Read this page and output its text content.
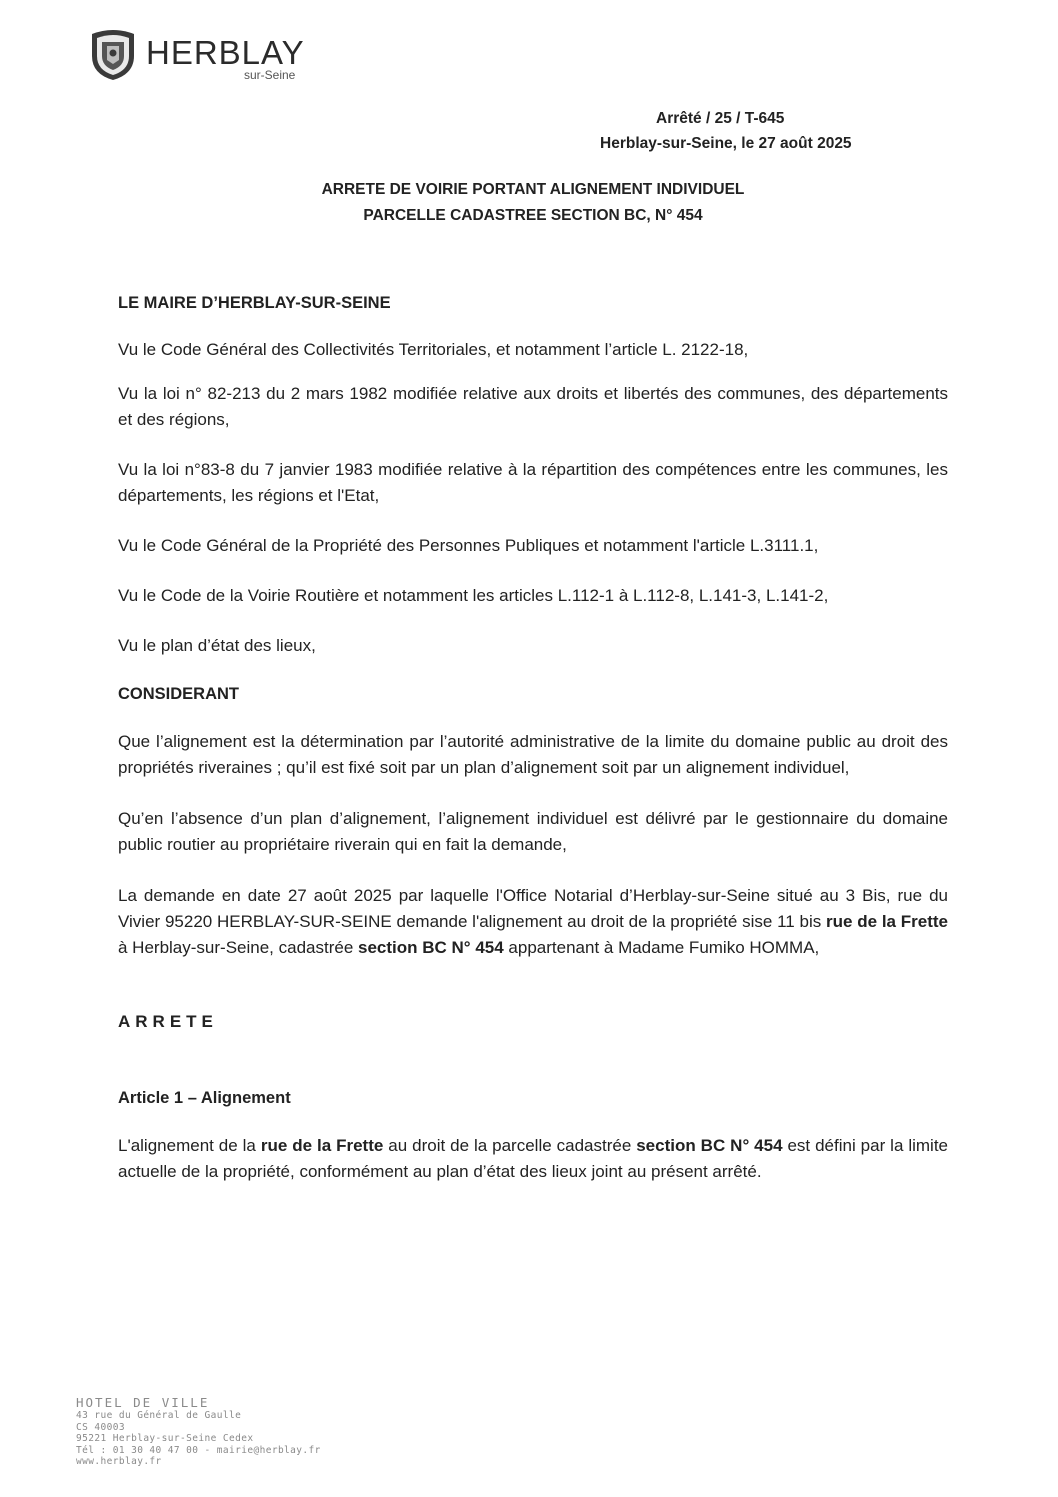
HERBLAY
sur-Seine
Arrêté / 25 / T-645
Herblay-sur-Seine, le 27 août 2025
ARRETE DE VOIRIE PORTANT ALIGNEMENT INDIVIDUEL
PARCELLE CADASTREE SECTION BC, N° 454
LE MAIRE D’HERBLAY-SUR-SEINE
Vu le Code Général des Collectivités Territoriales, et notamment l’article L. 2122-18,
Vu la loi n° 82-213 du 2 mars 1982 modifiée relative aux droits et libertés des communes, des départements et des régions,
Vu la loi n°83-8 du 7 janvier 1983 modifiée relative à la répartition des compétences entre les communes, les départements, les régions et l'Etat,
Vu le Code Général de la Propriété des Personnes Publiques et notamment l'article L.3111.1,
Vu le Code de la Voirie Routière et notamment les articles L.112-1 à L.112-8, L.141-3, L.141-2,
Vu le plan d’état des lieux,
CONSIDERANT
Que l’alignement est la détermination par l’autorité administrative de la limite du domaine public au droit des propriétés riveraines ; qu’il est fixé soit par un plan d’alignement soit par un alignement individuel,
Qu’en l’absence d’un plan d’alignement, l’alignement individuel est délivré par le gestionnaire du domaine public routier au propriétaire riverain qui en fait la demande,
La demande en date 27 août 2025 par laquelle l'Office Notarial d’Herblay-sur-Seine situé au 3 Bis, rue du Vivier 95220 HERBLAY-SUR-SEINE demande l'alignement au droit de la propriété sise 11 bis rue de la Frette à Herblay-sur-Seine, cadastrée section BC N° 454 appartenant à Madame Fumiko HOMMA,
ARRETE
Article 1 – Alignement
L'alignement de la rue de la Frette au droit de la parcelle cadastrée section BC N° 454 est défini par la limite actuelle de la propriété, conformément au plan d’état des lieux joint au présent arrêté.
HOTEL DE VILLE
43 rue du Général de Gaulle
CS 40003
95221 Herblay-sur-Seine Cedex
Tél : 01 30 40 47 00 - mairie@herblay.fr
www.herblay.fr
